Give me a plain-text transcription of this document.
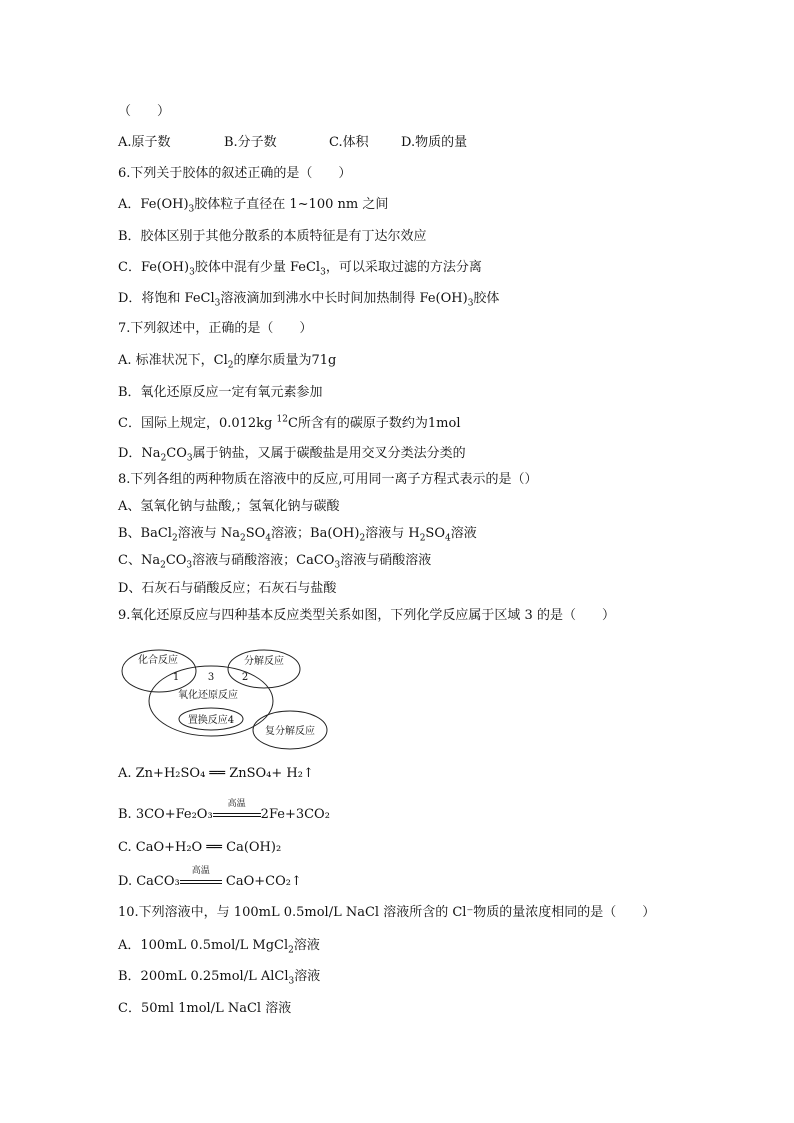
（　　）
A.原子数	B.分子数	C.体积 D.物质的量
6.下列关于胶体的叙述正确的是（　　）
A．$Fe(OH)_3$胶体粒子直径在 1~100 nm 之间
B．胶体区别于其他分散系的本质特征是有丁达尔效应
C．$Fe(OH)_3$胶体中混有少量 FeCl$_3$，可以采取过滤的方法分离
D．将饱和 FeCl$_3$溶液滴加到沸水中长时间加热制得 $Fe(OH)_3$胶体
7.下列叙述中，正确的是（　　）
A. 标准状况下，$Cl_2$的摩尔质量为71g
B．氧化还原反应一定有氧元素参加
C．国际上规定，0.012kg $^{12}$C所含有的碳原子数约为1mol
D．$Na_2CO_3$属于钠盐，又属于碳酸盐是用交叉分类法分类的
8.下列各组的两种物质在溶液中的反应,可用同一离子方程式表示的是（）
A、氢氧化钠与盐酸,；氢氧化钠与碳酸
B、BaCl$_2$溶液与 $Na_2SO_4$溶液；$Ba(OH)_2$溶液与 $H_2SO_4$溶液
C、$Na_2CO_3$溶液与硝酸溶液；CaCO$_3$溶液与硝酸溶液
D、石灰石与硝酸反应；石灰石与盐酸
9.氧化还原反应与四种基本反应类型关系如图，下列化学反应属于区域 3 的是（　　）
化合反应	分解反应
1	3	2
氧化还原反应
置换反应4
复分解反应
A. Zn+H₂SO₄ ══ ZnSO₄+ H₂↑
B. 3CO+Fe₂O₃
高温
2Fe+3CO₂
C. CaO+H₂O ══ Ca(OH)₂
D. CaCO₃
高温
CaO+CO₂↑
10.下列溶液中，与 100mL 0.5mol/L NaCl 溶液所含的 Cl⁻物质的量浓度相同的是（　　）
A．100mL 0.5mol/L MgCl$_2$溶液
B．200mL 0.25mol/L AlCl$_3$溶液
C．50ml 1mol/L NaCl 溶液
